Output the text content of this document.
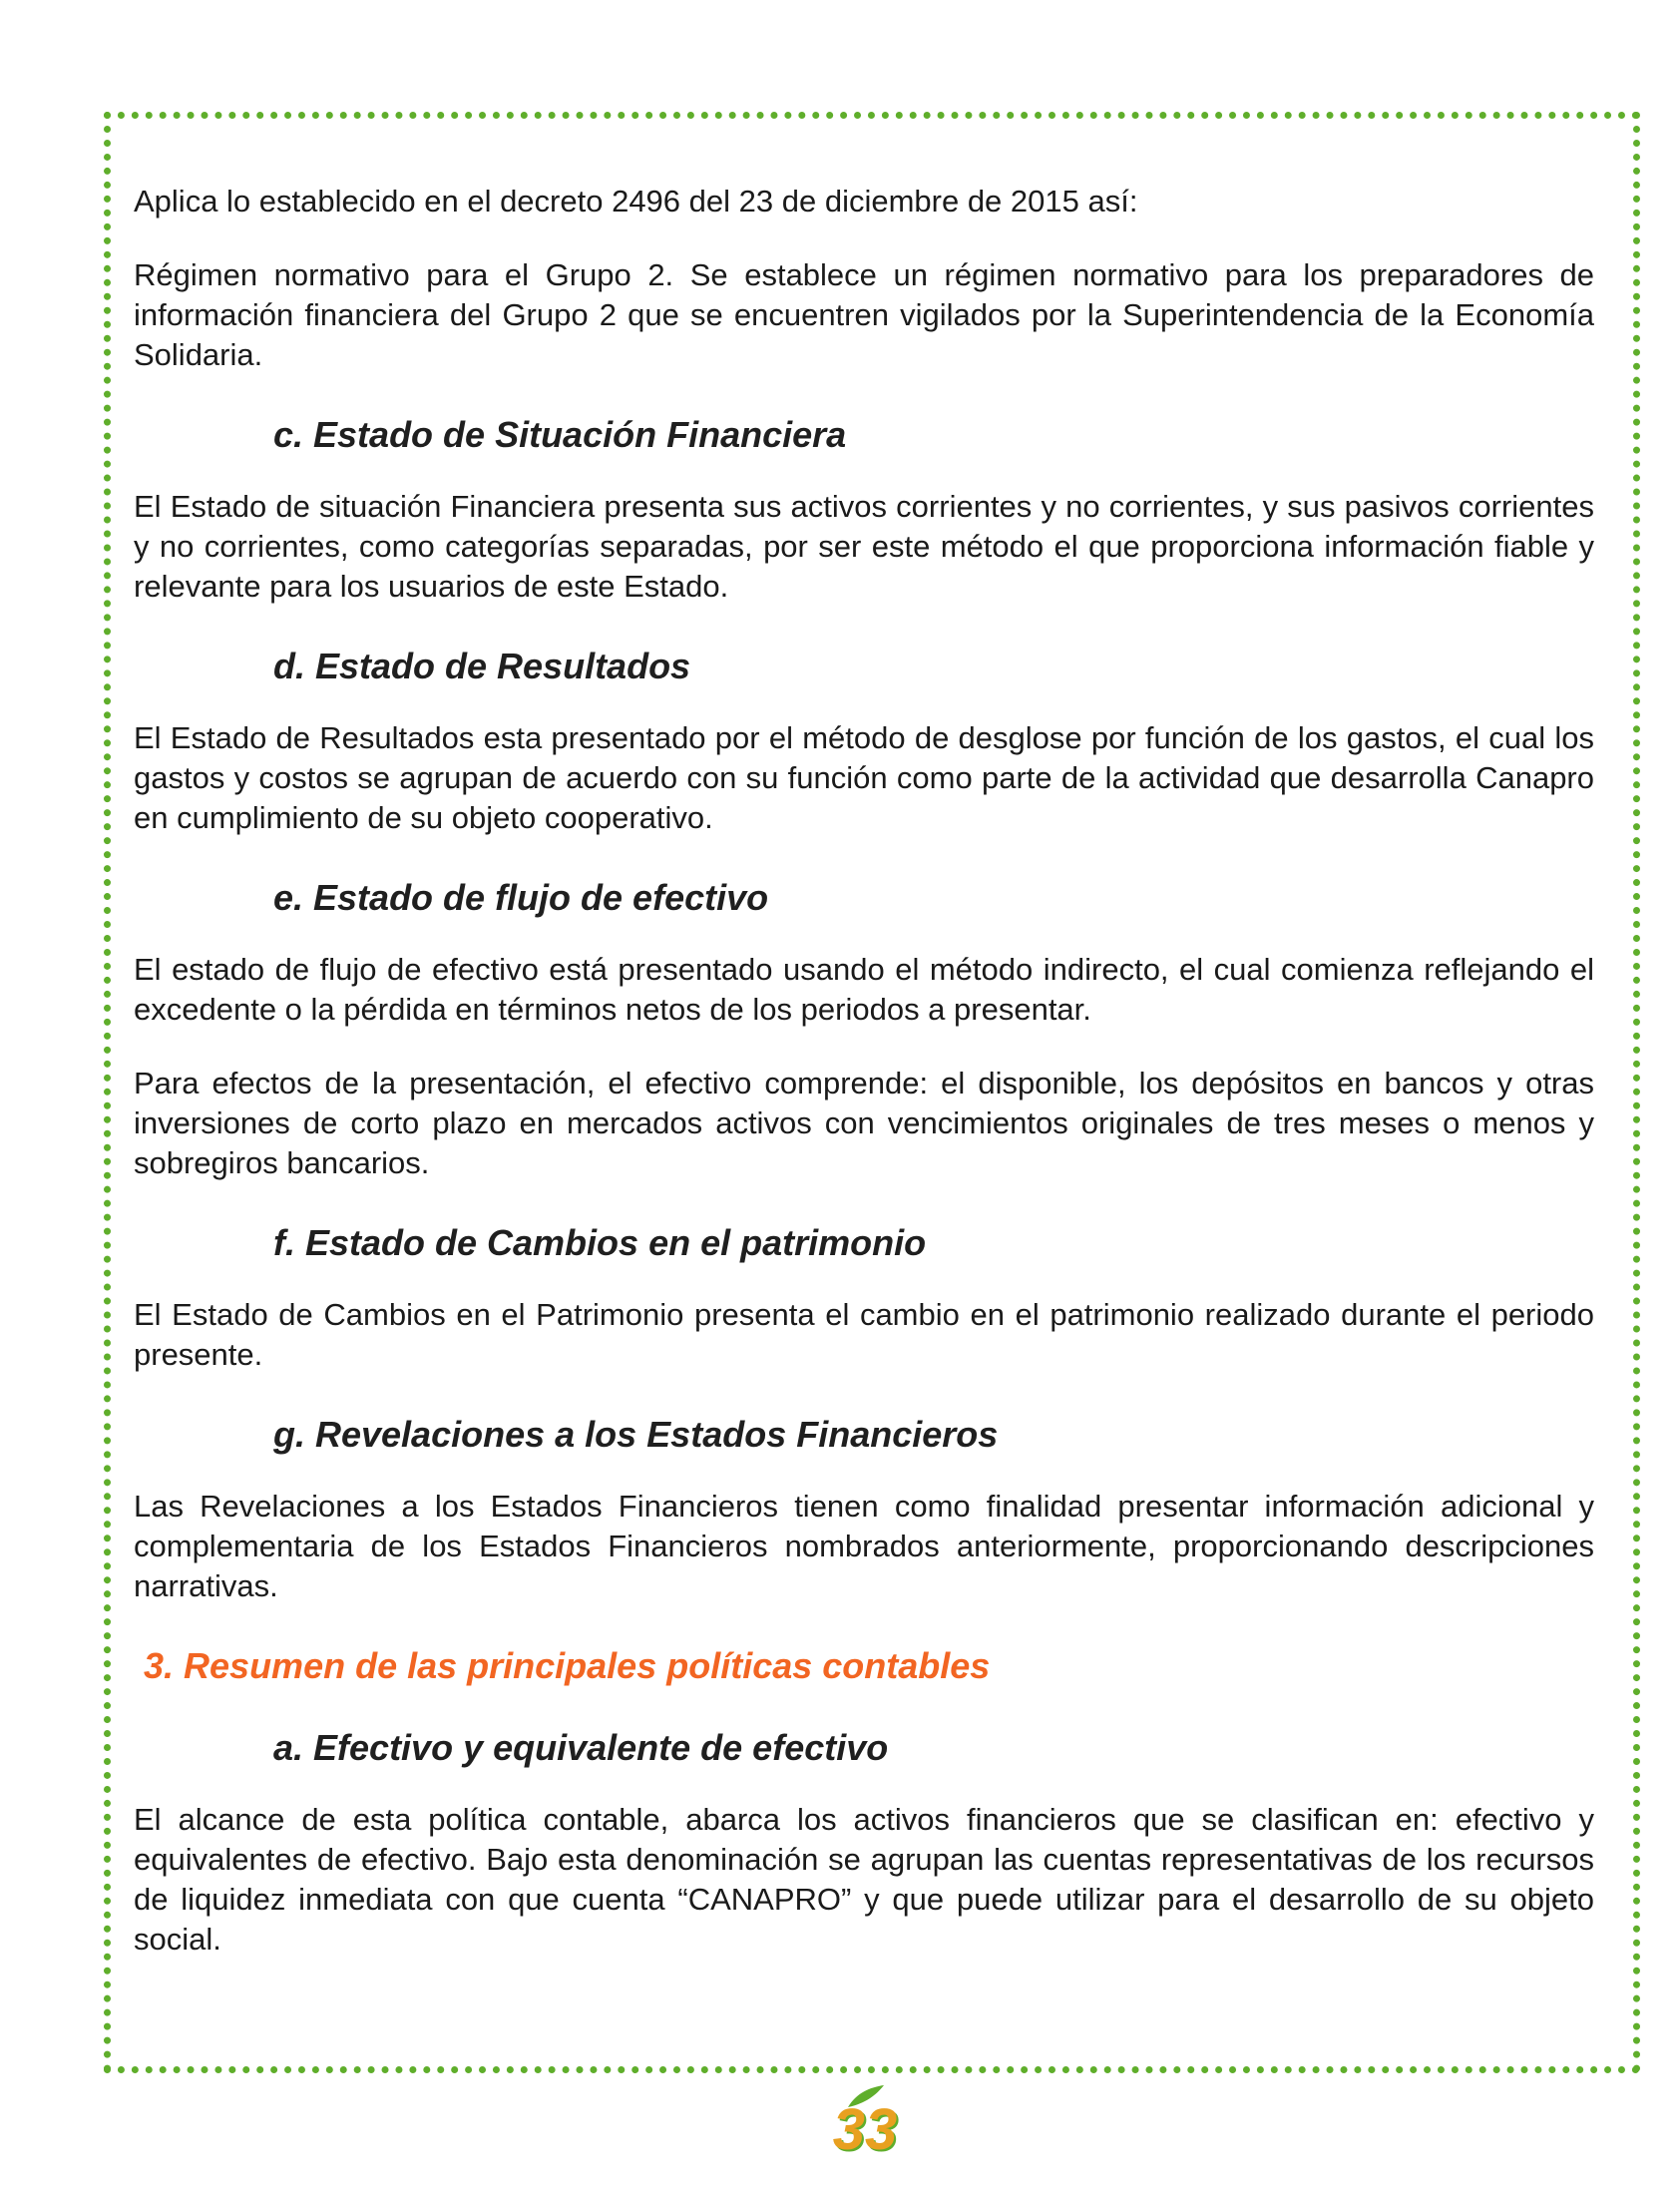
Aplica lo establecido en el decreto 2496 del 23 de diciembre de 2015 así:

Régimen normativo para el Grupo 2. Se establece un régimen normativo para los preparadores de información financiera del Grupo 2 que se encuentren vigilados por la Superintendencia de la Economía Solidaria.

c. Estado de Situación Financiera

El Estado de situación Financiera presenta sus activos corrientes y no corrientes, y sus pasivos corrientes y no corrientes, como categorías separadas, por ser este método el que proporciona información fiable y relevante para los usuarios de este Estado.

d. Estado de Resultados

El Estado de Resultados esta presentado por el método de desglose por función de los gastos, el cual los gastos y costos se agrupan de acuerdo con su función como parte de la actividad que desarrolla Canapro en cumplimiento de su objeto cooperativo.

e. Estado de flujo de efectivo

El estado de flujo de efectivo está presentado usando el método indirecto, el cual comienza reflejando el excedente o la pérdida en términos netos de los periodos a presentar.

Para efectos de la presentación, el efectivo comprende: el disponible, los depósitos en bancos y otras inversiones de corto plazo en mercados activos con vencimientos originales de tres meses o menos y sobregiros bancarios.

f. Estado de Cambios en el patrimonio

El Estado de Cambios en el Patrimonio presenta el cambio en el patrimonio realizado durante el periodo presente.

g. Revelaciones a los Estados Financieros

Las Revelaciones a los Estados Financieros tienen como finalidad presentar información adicional y complementaria de los Estados Financieros nombrados anteriormente, proporcionando descripciones narrativas.

3. Resumen de las principales políticas contables
a. Efectivo y equivalente de efectivo

El alcance de esta política contable, abarca los activos financieros que se clasifican en: efectivo y equivalentes de efectivo. Bajo esta denominación se agrupan las cuentas representativas de los recursos de liquidez inmediata con que cuenta “CANAPRO” y que puede utilizar para el desarrollo de su objeto social.

33
